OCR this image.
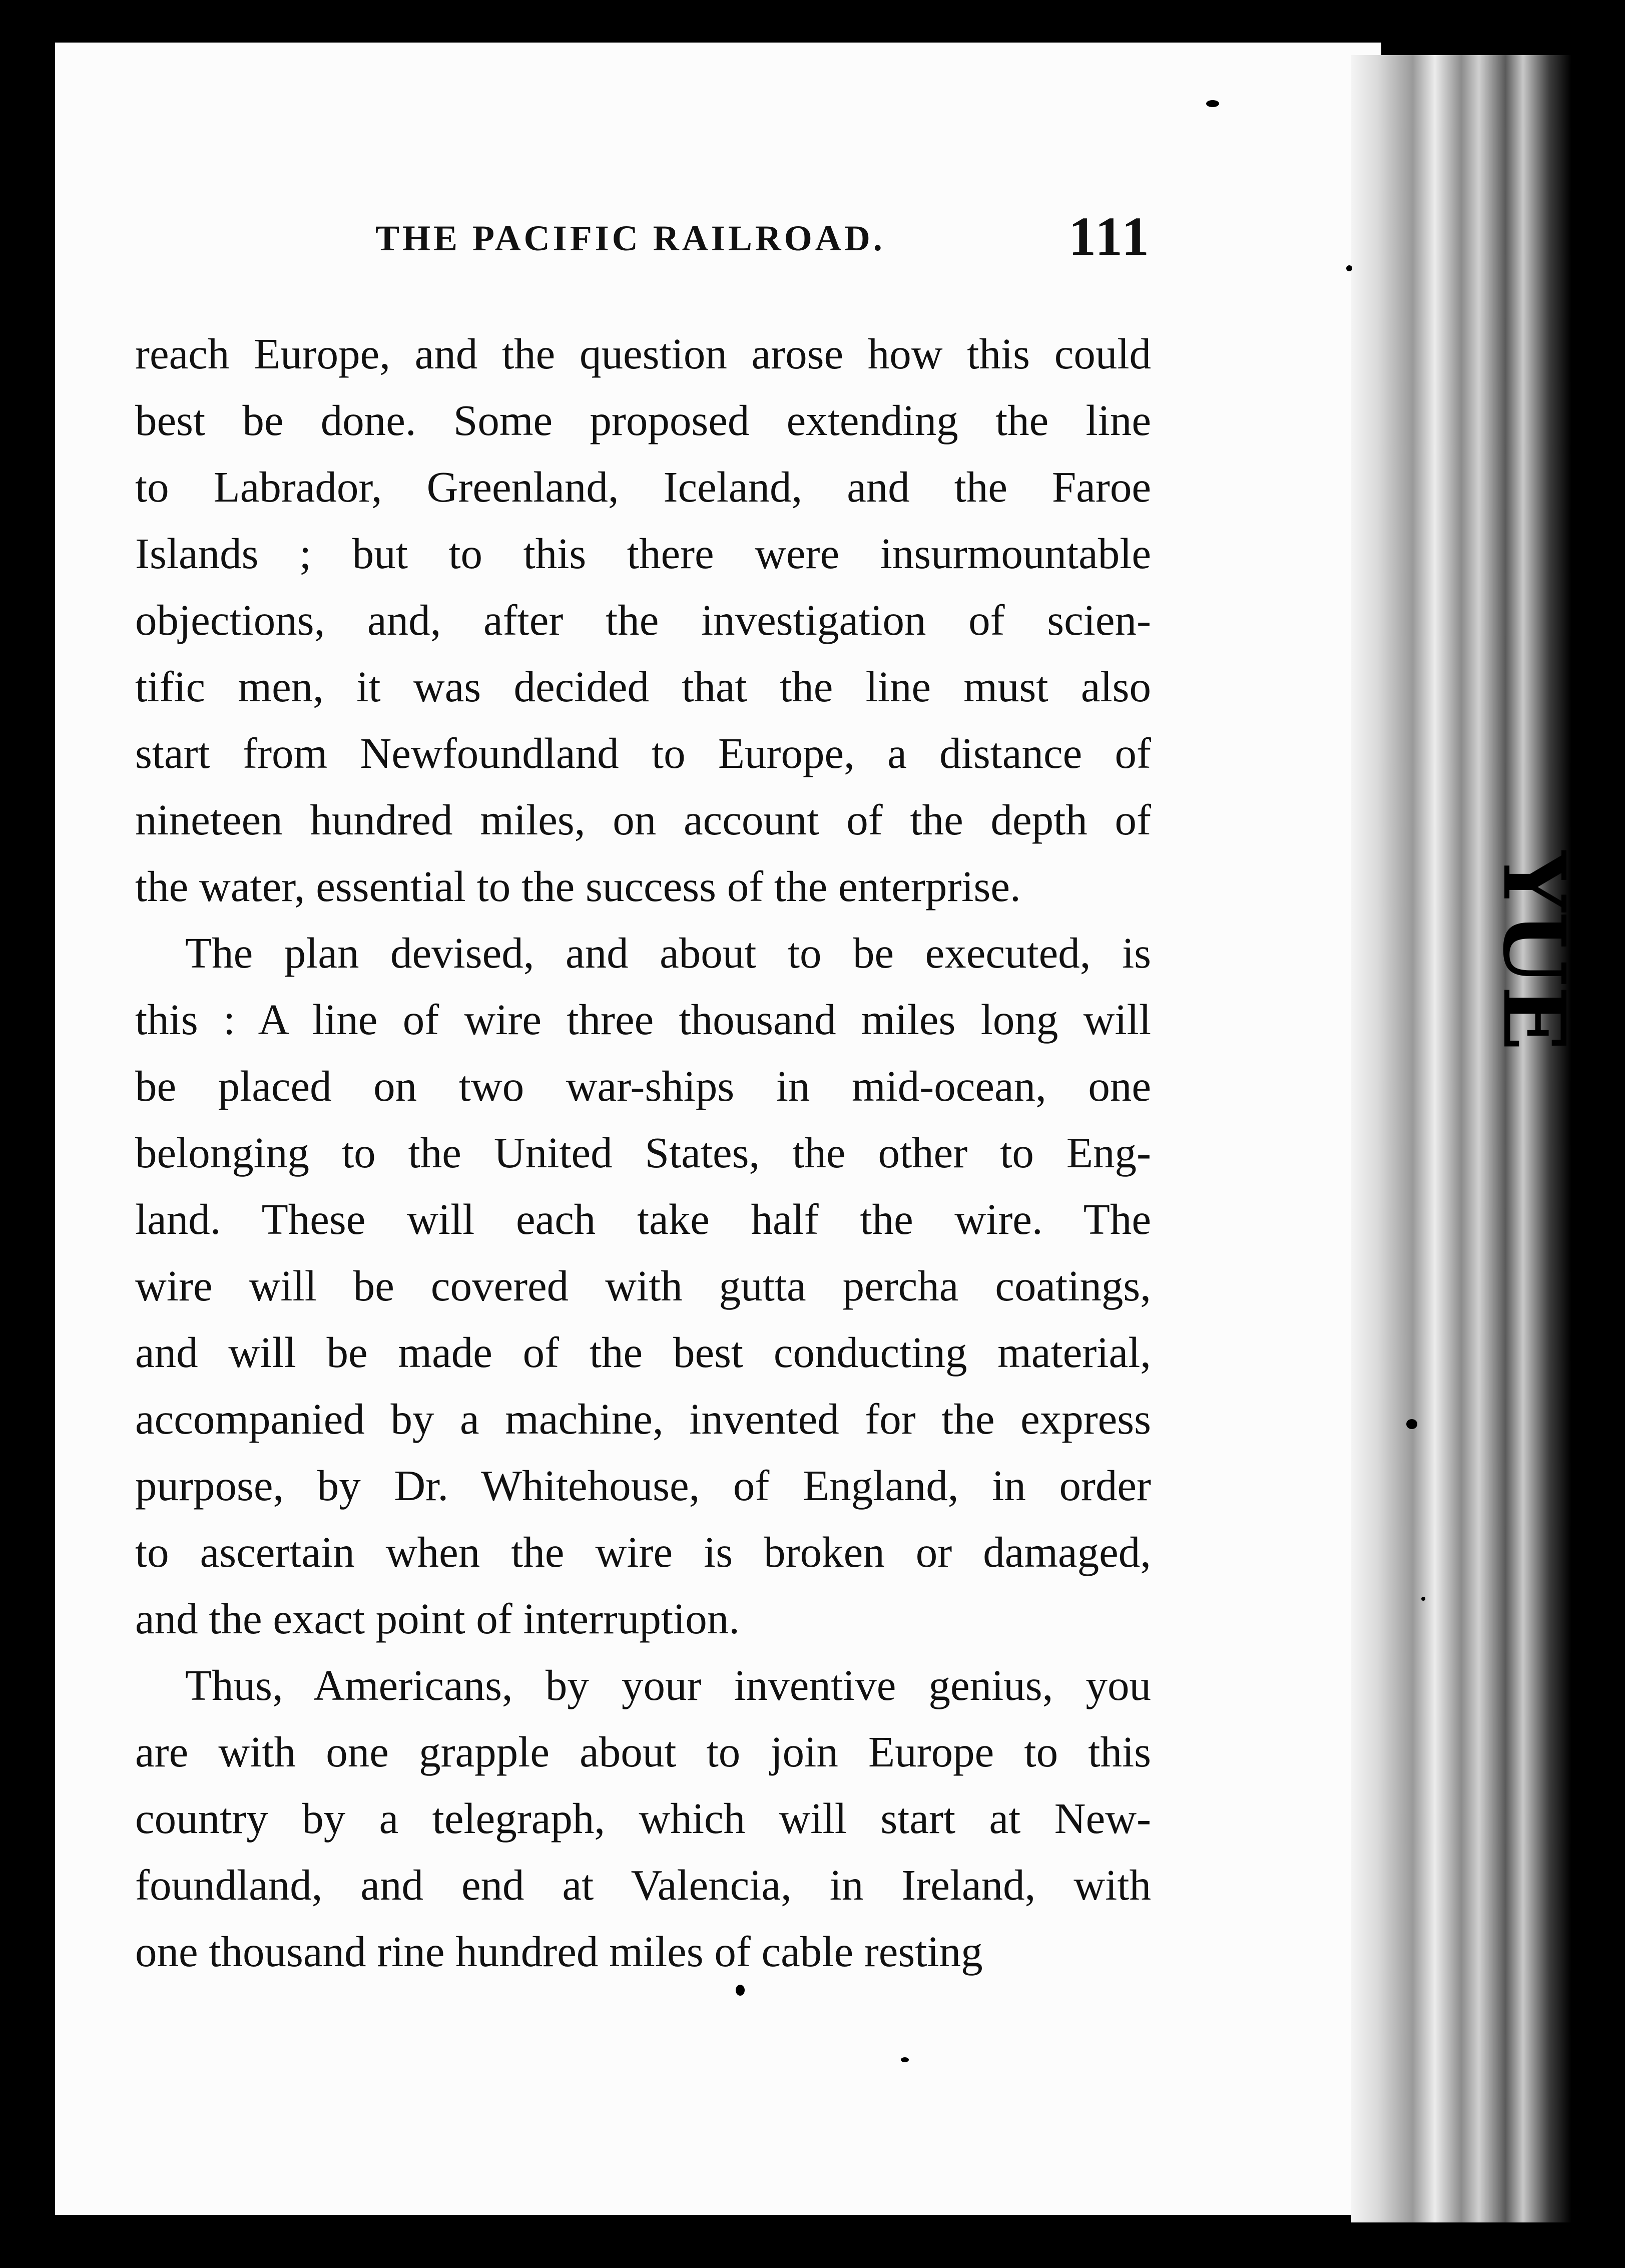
YUE
THE PACIFIC RAILROAD.	111
reach Europe, and the question arose how this could
best be done. Some proposed extending the line
to Labrador, Greenland, Iceland, and the Faroe
Islands ; but to this there were insurmountable
objections, and, after the investigation of scien-
tific men, it was decided that the line must also
start from Newfoundland to Europe, a distance of
nineteen hundred miles, on account of the depth of
the water, essential to the success of the enterprise.
The plan devised, and about to be executed, is
this : A line of wire three thousand miles long will
be placed on two war-ships in mid-ocean, one
belonging to the United States, the other to Eng-
land. These will each take half the wire. The
wire will be covered with gutta percha coatings,
and will be made of the best conducting material,
accompanied by a machine, invented for the express
purpose, by Dr. Whitehouse, of England, in order
to ascertain when the wire is broken or damaged,
and the exact point of interruption.
Thus, Americans, by your inventive genius, you
are with one grapple about to join Europe to this
country by a telegraph, which will start at New-
foundland, and end at Valencia, in Ireland, with
one thousand rine hundred miles of cable resting
